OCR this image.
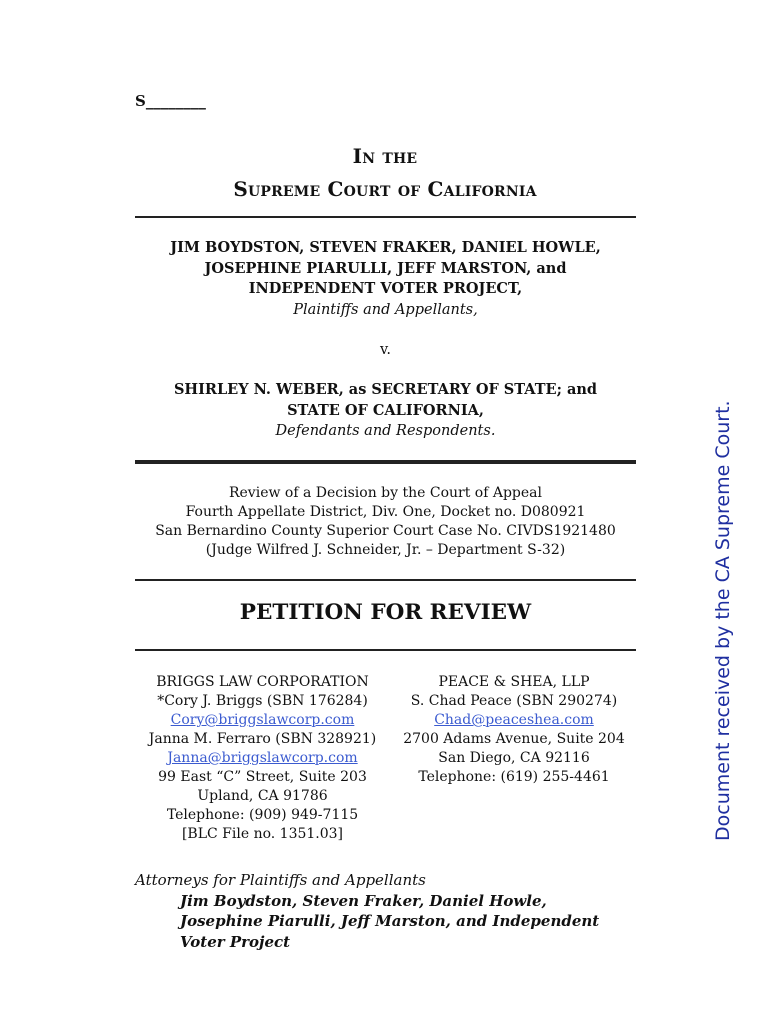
S________
In the
Supreme Court of California
JIM BOYDSTON, STEVEN FRAKER, DANIEL HOWLE,
JOSEPHINE PIARULLI, JEFF MARSTON, and
INDEPENDENT VOTER PROJECT,
Plaintiffs and Appellants,
v.
SHIRLEY N. WEBER, as SECRETARY OF STATE; and
STATE OF CALIFORNIA,
Defendants and Respondents.
Review of a Decision by the Court of Appeal
Fourth Appellate District, Div. One, Docket no. D080921
San Bernardino County Superior Court Case No. CIVDS1921480
(Judge Wilfred J. Schneider, Jr. – Department S-32)
PETITION FOR REVIEW
BRIGGS LAW CORPORATION
*Cory J. Briggs (SBN 176284)
Cory@briggslawcorp.com
Janna M. Ferraro (SBN 328921)
Janna@briggslawcorp.com
99 East “C” Street, Suite 203
Upland, CA 91786
Telephone: (909) 949-7115
[BLC File no. 1351.03]
PEACE & SHEA, LLP
S. Chad Peace (SBN 290274)
Chad@peaceshea.com
2700 Adams Avenue, Suite 204
San Diego, CA 92116
Telephone: (619) 255-4461
Attorneys for Plaintiffs and Appellants
Jim Boydston, Steven Fraker, Daniel Howle,
Josephine Piarulli, Jeff Marston, and Independent
Voter Project
Document received by the CA Supreme Court.
